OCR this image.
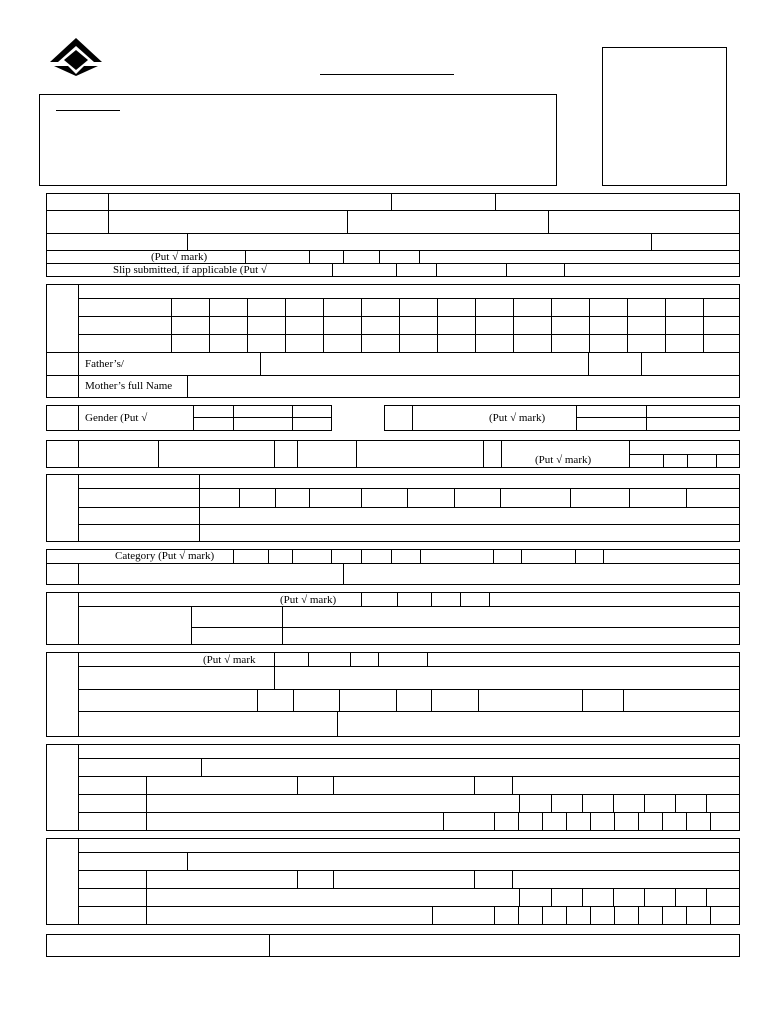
(Put √ mark)
Slip submitted, if applicable (Put √
Father’s/
Mother’s full Name
Gender (Put √	(Put √ mark)
(Put √ mark)
Category (Put √ mark)
(Put √ mark)
(Put √ mark
